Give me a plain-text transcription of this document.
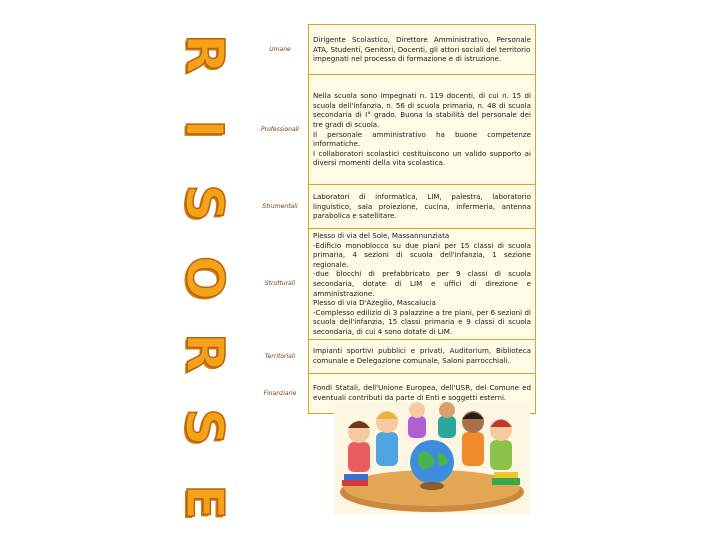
R
I
S
O
R
S
E
Umane	Dirigente Scolastico, Direttore Amministrativo, Personale ATA, Studenti, Genitori, Docenti, gli attori sociali del territorio
impegnati nel processo di formazione e di istruzione.
Professionali	Nella scuola sono impegnati n. 119 docenti, di cui n. 15 di scuola dell'infanzia, n. 56 di scuola primaria, n. 48 di scuola secondaria di I° grado. Buona la stabilità del personale dei tre gradi di scuola.
Il personale amministrativo ha buone competenze informatiche.
I collaboratori scolastici costituiscono un valido supporto ai diversi momenti della vita scolastica.
Strumentali	Laboratori di informatica, LIM, palestra, laboratorio linguistico, sala proiezione, cucina, infermeria, antenna parabolica e satellitare.
Strutturali	Plesso di via del Sole, Massannunziata
-Edificio monoblocco su due piani per 15 classi di scuola primaria, 4 sezioni di scuola dell'infanzia, 1 sezione regionale.
-due blocchi di prefabbricato per 9 classi di scuola secondaria, dotate di LIM e uffici di direzione e amministrazione.
Plesso di via D'Azeglio, Mascalucia
-Complesso edilizio di 3 palazzine a tre piani, per 6 sezioni di scuola dell'infanzia, 15 classi primaria e 9 classi di scuola secondaria, di cui 4 sono dotate di LIM.
Territoriali	Impianti sportivi pubblici e privati, Auditorium, Biblioteca comunale e Delegazione comunale, Saloni parrocchiali.
Finanziarie	Fondi Statali, dell'Unione Europea, dell'USR, del Comune ed eventuali contributi da parte di Enti e soggetti esterni.
